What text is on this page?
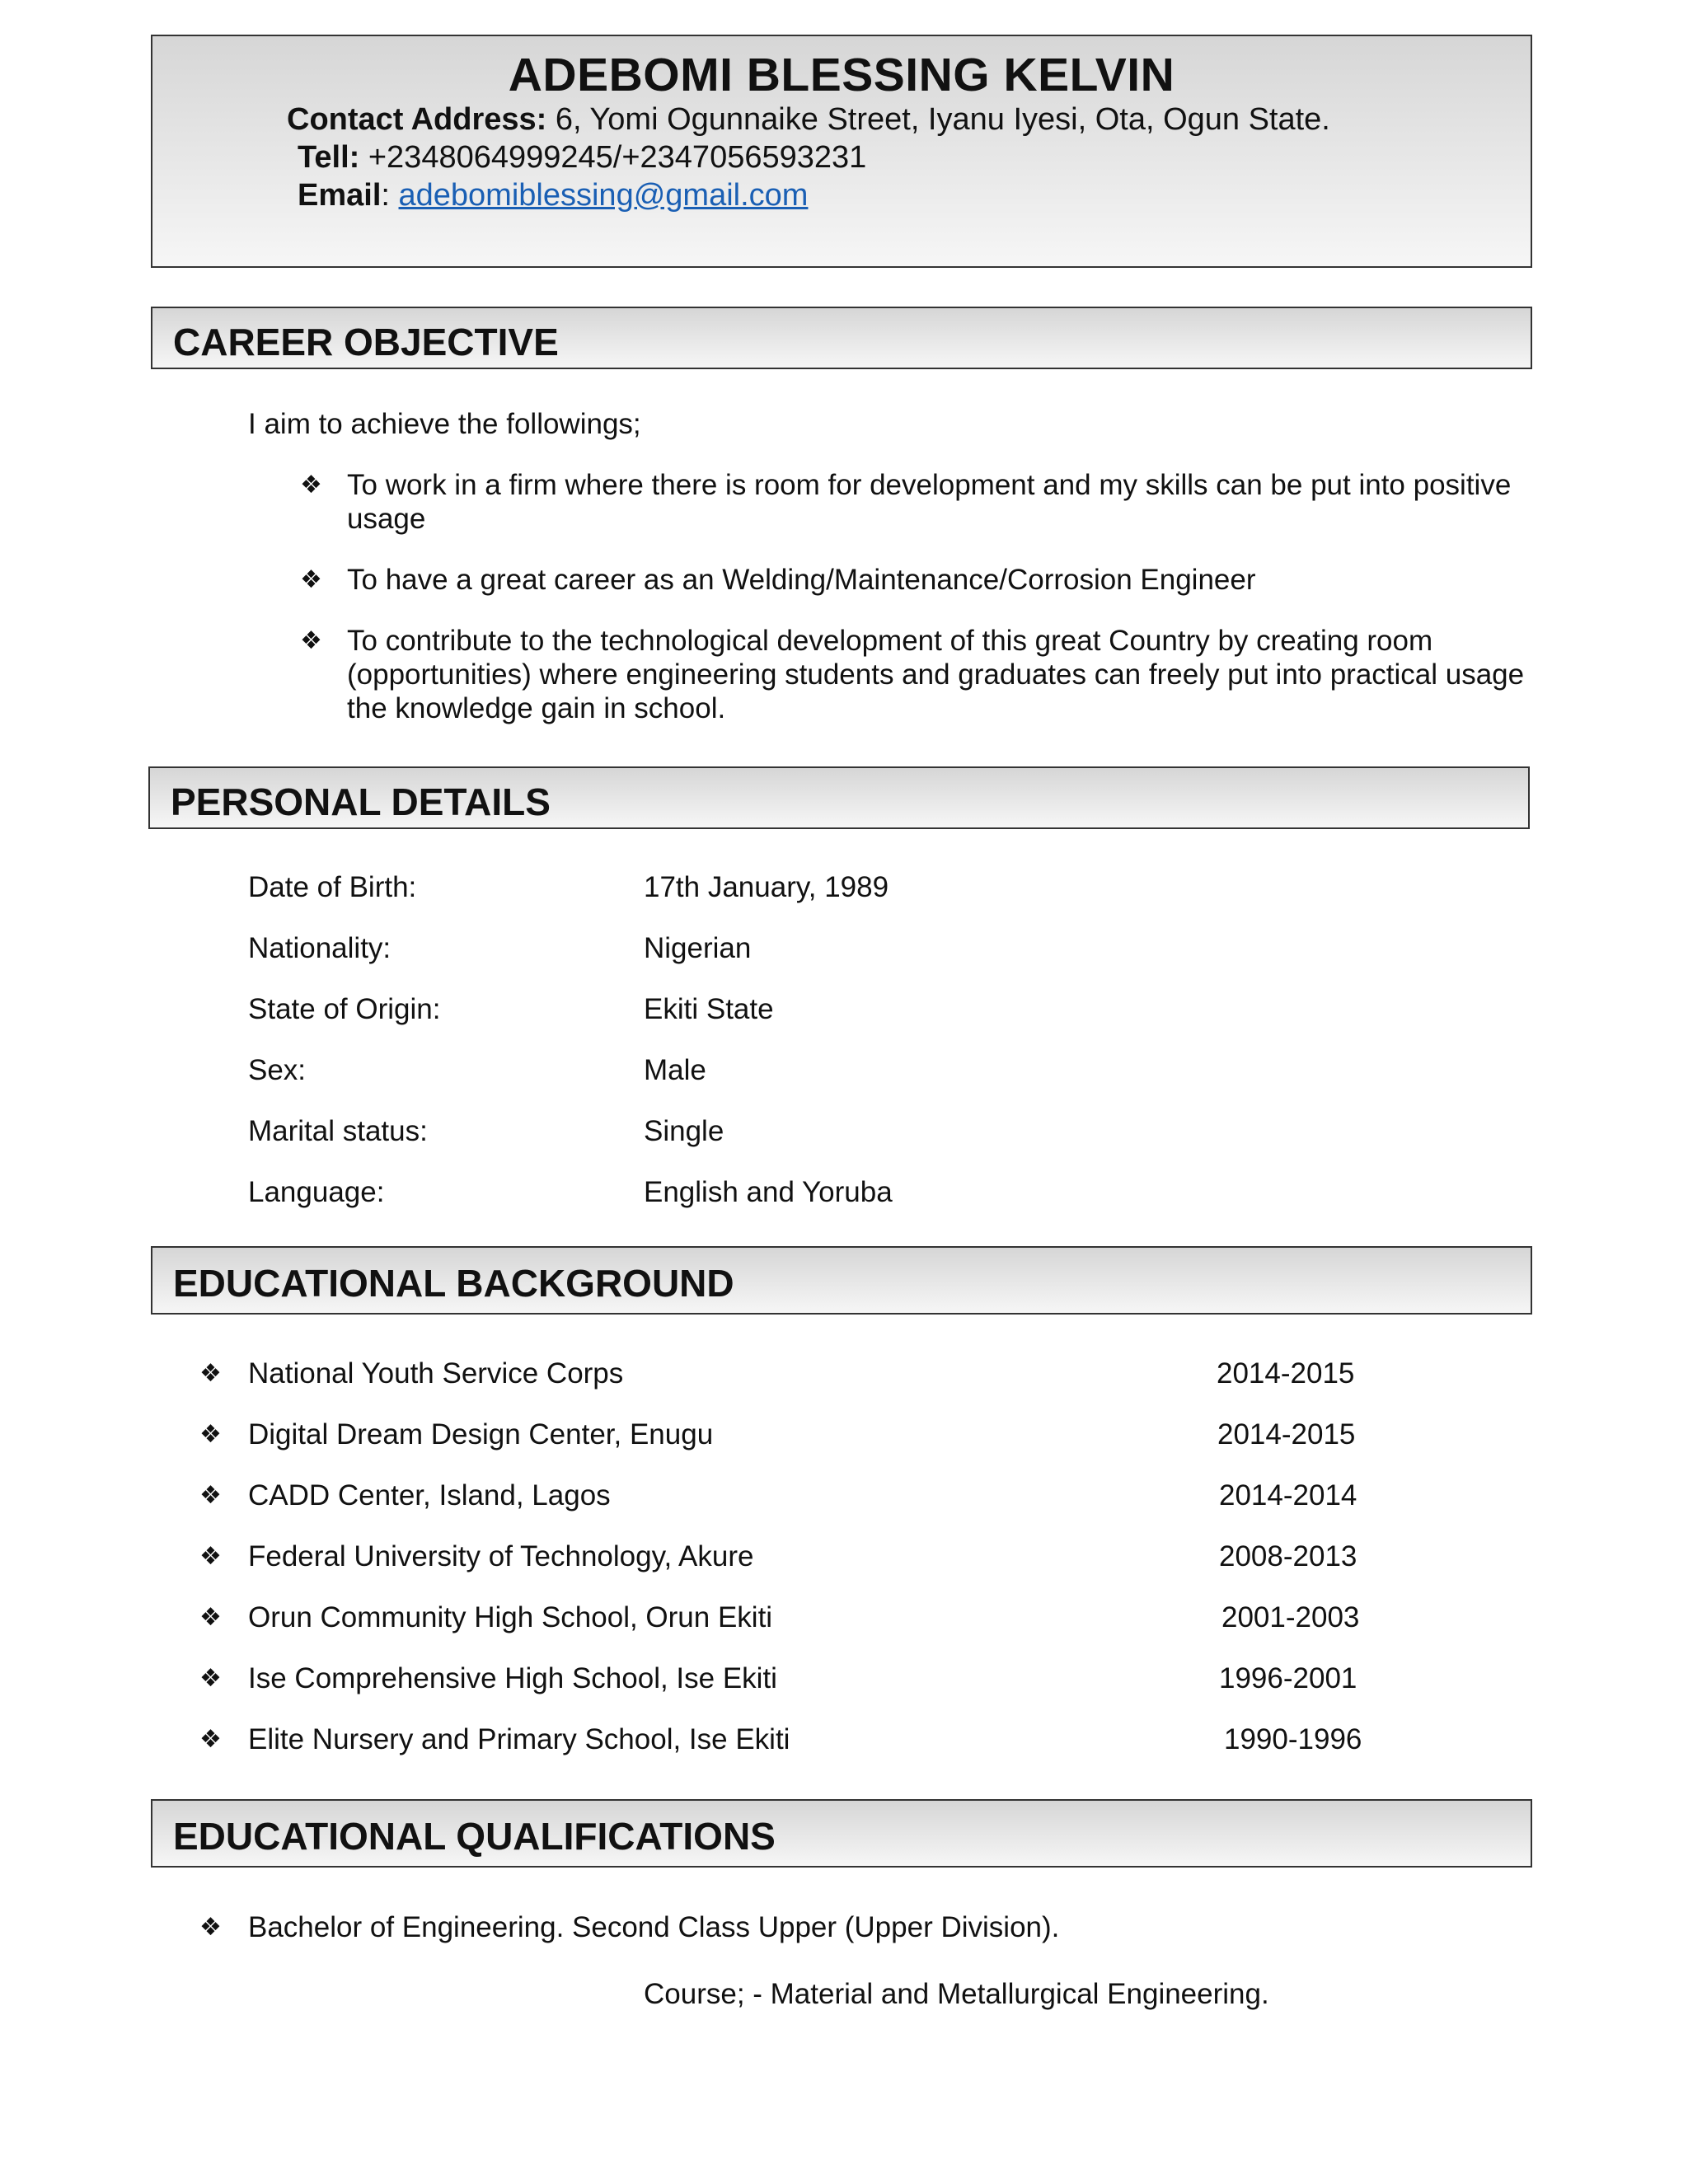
ADEBOMI BLESSING KELVIN
Contact Address: 6, Yomi Ogunnaike Street, Iyanu Iyesi, Ota, Ogun State.
Tell: +2348064999245/+2347056593231
Email: adebomiblessing@gmail.com
CAREER OBJECTIVE
I aim to achieve the followings;
❖ To work in a firm where there is room for development and my skills can be put into positive usage
❖ To have a great career as an Welding/Maintenance/Corrosion Engineer
❖ To contribute to the technological development of this great Country by creating room (opportunities) where engineering students and graduates can freely put into practical usage the knowledge gain in school.
PERSONAL DETAILS
Date of Birth:	17th January, 1989
Nationality:	Nigerian
State of Origin:	Ekiti State
Sex:	Male
Marital status:	Single
Language:	English and Yoruba
EDUCATIONAL BACKGROUND
❖ National Youth Service Corps	2014-2015
❖ Digital Dream Design Center, Enugu	2014-2015
❖ CADD Center, Island, Lagos	2014-2014
❖ Federal University of Technology, Akure	2008-2013
❖ Orun Community High School, Orun Ekiti	2001-2003
❖ Ise Comprehensive High School, Ise Ekiti	1996-2001
❖ Elite Nursery and Primary School, Ise Ekiti	1990-1996
EDUCATIONAL QUALIFICATIONS
❖ Bachelor of Engineering. Second Class Upper (Upper Division).
Course; - Material and Metallurgical Engineering.
